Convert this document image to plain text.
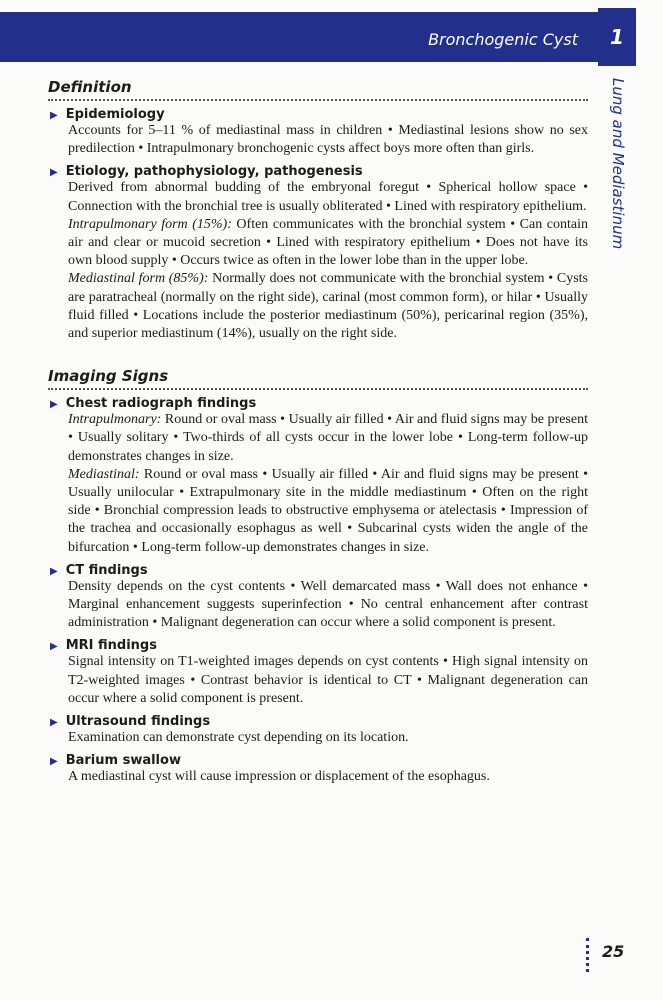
Bronchogenic Cyst	1
Lung and Mediastinum
Definition
▶ Epidemiology

Accounts for 5–11 % of mediastinal mass in children • Mediastinal lesions show no sex predilection • Intrapulmonary bronchogenic cysts affect boys more often than girls.

▶ Etiology, pathophysiology, pathogenesis

Derived from abnormal budding of the embryonal foregut • Spherical hollow space • Connection with the bronchial tree is usually obliterated • Lined with respiratory epithelium.

Intrapulmonary form (15%): Often communicates with the bronchial system • Can contain air and clear or mucoid secretion • Lined with respiratory epithelium • Does not have its own blood supply • Occurs twice as often in the lower lobe than in the upper lobe.

Mediastinal form (85%): Normally does not communicate with the bronchial system • Cysts are paratracheal (normally on the right side), carinal (most common form), or hilar • Usually fluid filled • Locations include the posterior mediastinum (50%), pericarinal region (35%), and superior mediastinum (14%), usually on the right side.

Imaging Signs
▶ Chest radiograph findings

Intrapulmonary: Round or oval mass • Usually air filled • Air and fluid signs may be present • Usually solitary • Two-thirds of all cysts occur in the lower lobe • Long-term follow-up demonstrates changes in size.

Mediastinal: Round or oval mass • Usually air filled • Air and fluid signs may be present • Usually unilocular • Extrapulmonary site in the middle mediastinum • Often on the right side • Bronchial compression leads to obstructive emphysema or atelectasis • Impression of the trachea and occasionally esophagus as well • Subcarinal cysts widen the angle of the bifurcation • Long-term follow-up demonstrates changes in size.

▶ CT findings

Density depends on the cyst contents • Well demarcated mass • Wall does not enhance • Marginal enhancement suggests superinfection • No central enhancement after contrast administration • Malignant degeneration can occur where a solid component is present.

▶ MRI findings

Signal intensity on T1-weighted images depends on cyst contents • High signal intensity on T2-weighted images • Contrast behavior is identical to CT • Malignant degeneration can occur where a solid component is present.

▶ Ultrasound findings

Examination can demonstrate cyst depending on its location.

▶ Barium swallow

A mediastinal cyst will cause impression or displacement of the esophagus.

25
